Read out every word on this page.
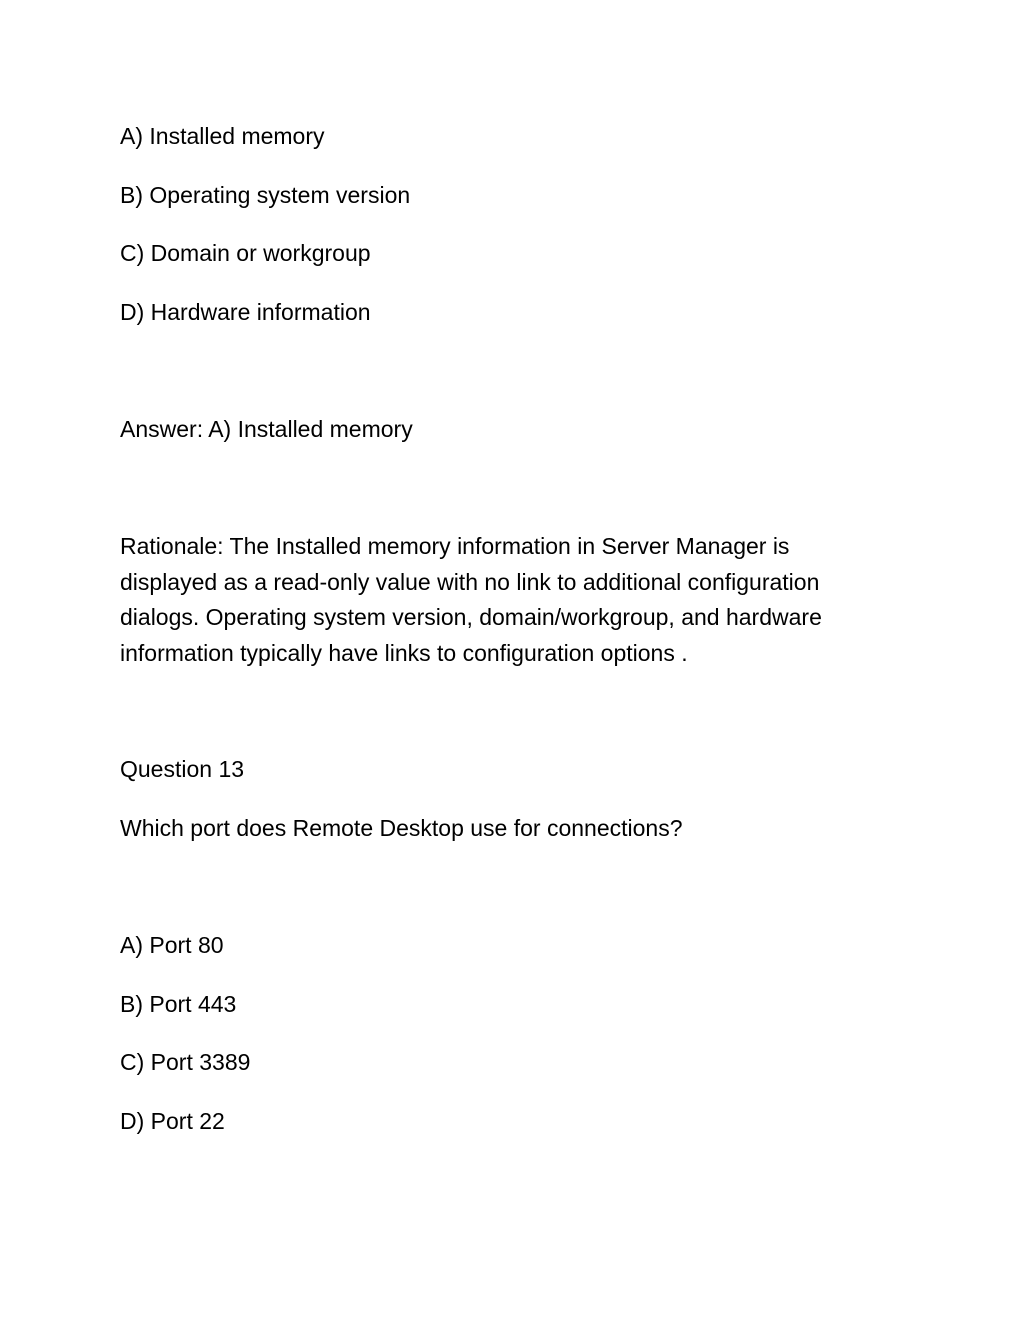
A) Installed memory

B) Operating system version

C) Domain or workgroup

D) Hardware information

Answer: A) Installed memory

Rationale: The Installed memory information in Server Manager is
displayed as a read-only value with no link to additional configuration
dialogs. Operating system version, domain/workgroup, and hardware
information typically have links to configuration options .

Question 13

Which port does Remote Desktop use for connections?

A) Port 80

B) Port 443

C) Port 3389

D) Port 22
